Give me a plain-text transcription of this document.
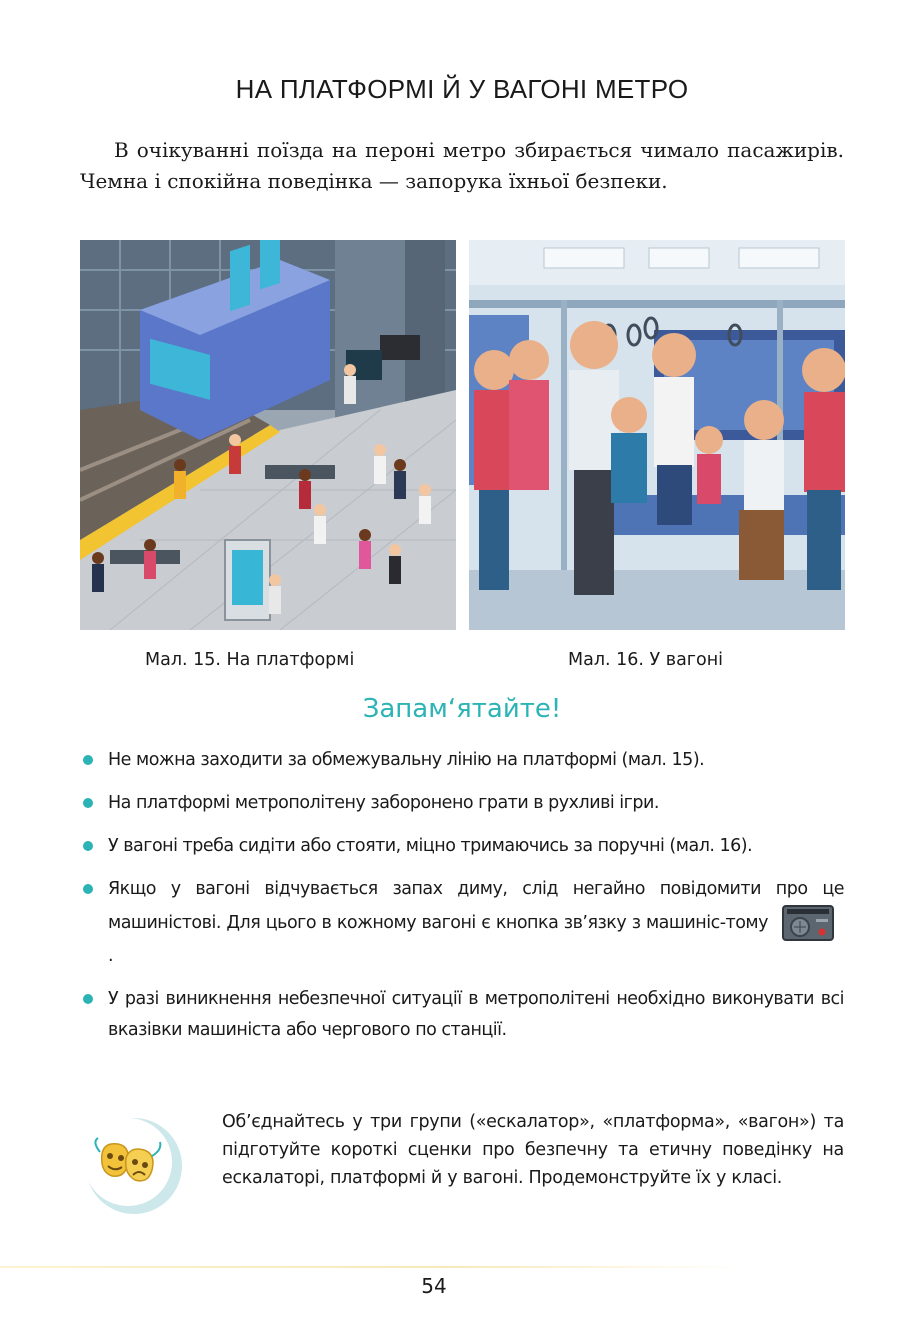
НА ПЛАТФОРМІ Й У ВАГОНІ МЕТРО

В очікуванні поїзда на пероні метро збирається чимало пасажирів. Чемна і спокійна поведінка — запорука їхньої безпеки.

Мал. 15. На платформі	Мал. 16. У вагоні
Запам‘ятайте!
Не можна заходити за обмежувальну лінію на платформі (мал. 15).
На платформі метрополітену заборонено грати в рухливі ігри.
У вагоні треба сидіти або стояти, міцно тримаючись за поручні (мал. 16).
Якщо у вагоні відчувається запах диму, слід негайно повідомити про це машиністові. Для цього в кожному вагоні є кнопка зв’язку з машиніс-тому.
У разі виникнення небезпечної ситуації в метрополітені необхідно виконувати всі вказівки машиніста або чергового по станції.

Об’єднайтесь у три групи («ескалатор», «платформа», «вагон») та підготуйте короткі сценки про безпечну та етичну поведінку на ескалаторі, платформі й у вагоні. Продемонструйте їх у класі.

54
